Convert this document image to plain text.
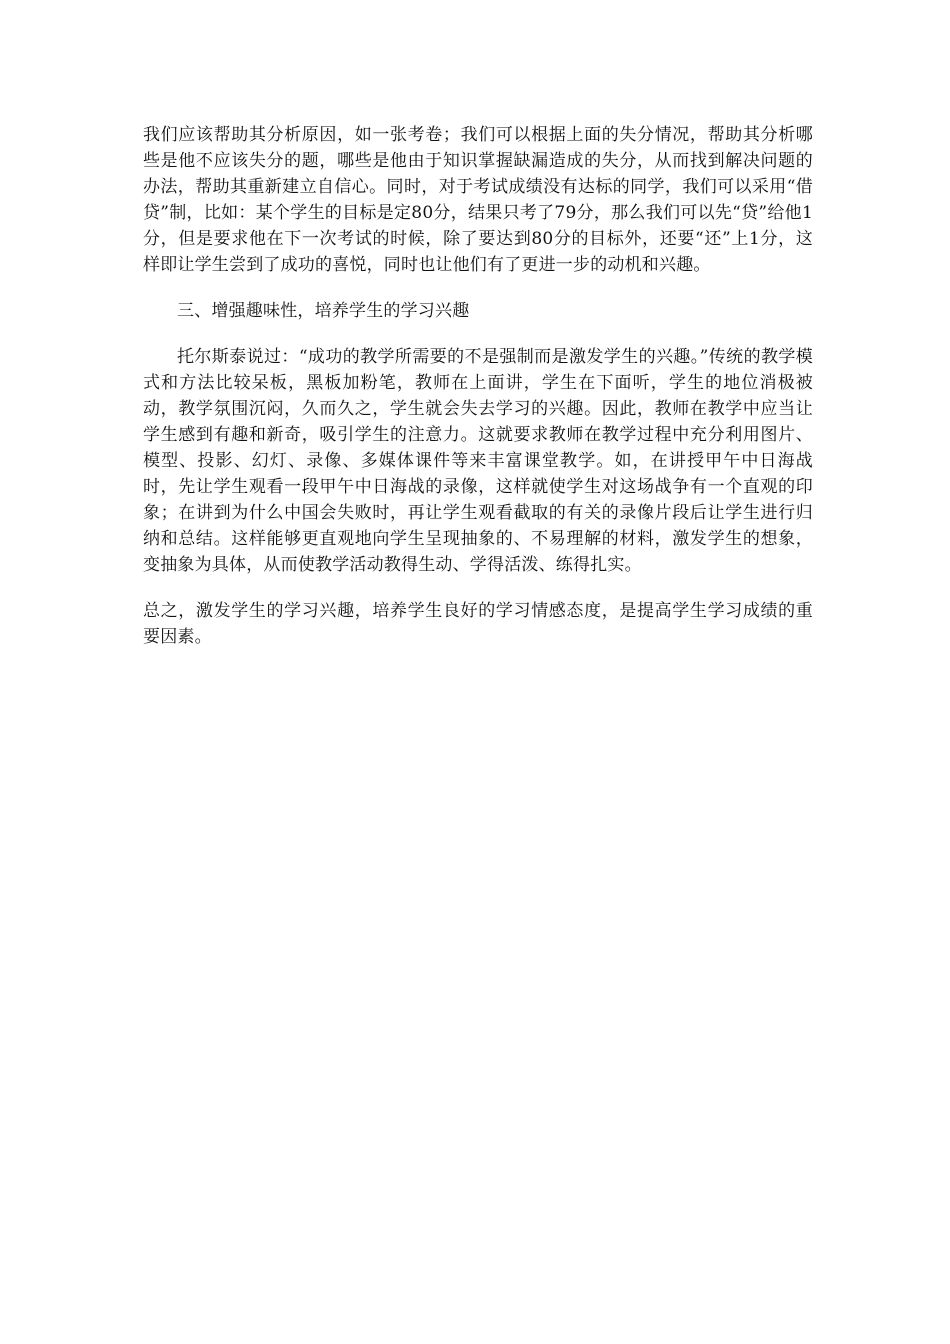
我们应该帮助其分析原因，如一张考卷；我们可以根据上面的失分情况，帮助其分析哪些是他不应该失分的题，哪些是他由于知识掌握缺漏造成的失分，从而找到解决问题的办法，帮助其重新建立自信心。同时，对于考试成绩没有达标的同学，我们可以采用“借贷”制，比如：某个学生的目标是定80分，结果只考了79分，那么我们可以先“贷”给他1分，但是要求他在下一次考试的时候，除了要达到80分的目标外，还要“还”上1分，这样即让学生尝到了成功的喜悦，同时也让他们有了更进一步的动机和兴趣。

三、增强趣味性，培养学生的学习兴趣

托尔斯泰说过：“成功的教学所需要的不是强制而是激发学生的兴趣。”传统的教学模式和方法比较呆板，黑板加粉笔，教师在上面讲，学生在下面听，学生的地位消极被动，教学氛围沉闷，久而久之，学生就会失去学习的兴趣。因此，教师在教学中应当让学生感到有趣和新奇，吸引学生的注意力。这就要求教师在教学过程中充分利用图片、模型、投影、幻灯、录像、多媒体课件等来丰富课堂教学。如，在讲授甲午中日海战时，先让学生观看一段甲午中日海战的录像，这样就使学生对这场战争有一个直观的印象；在讲到为什么中国会失败时，再让学生观看截取的有关的录像片段后让学生进行归纳和总结。这样能够更直观地向学生呈现抽象的、不易理解的材料，激发学生的想象，变抽象为具体，从而使教学活动教得生动、学得活泼、练得扎实。

总之，激发学生的学习兴趣，培养学生良好的学习情感态度，是提高学生学习成绩的重要因素。
